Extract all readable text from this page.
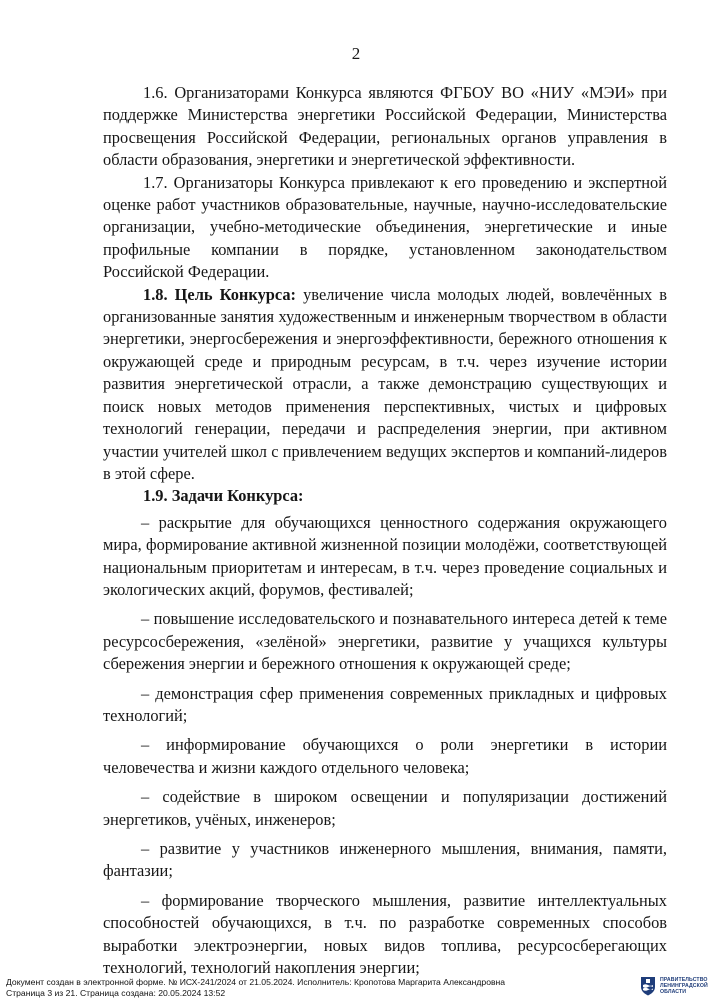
2

1.6. Организаторами Конкурса являются ФГБОУ ВО «НИУ «МЭИ» при поддержке Министерства энергетики Российской Федерации, Министерства просвещения Российской Федерации, региональных органов управления в области образования, энергетики и энергетической эффективности.

1.7. Организаторы Конкурса привлекают к его проведению и экспертной оценке работ участников образовательные, научные, научно-исследовательские организации, учебно-методические объединения, энергетические и иные профильные компании в порядке, установленном законодательством Российской Федерации.

1.8. Цель Конкурса: увеличение числа молодых людей, вовлечённых в организованные занятия художественным и инженерным творчеством в области энергетики, энергосбережения и энергоэффективности, бережного отношения к окружающей среде и природным ресурсам, в т.ч. через изучение истории развития энергетической отрасли, а также демонстрацию существующих и поиск новых методов применения перспективных, чистых и цифровых технологий генерации, передачи и распределения энергии, при активном участии учителей школ с привлечением ведущих экспертов и компаний-лидеров в этой сфере.

1.9. Задачи Конкурса:

– раскрытие для обучающихся ценностного содержания окружающего мира, формирование активной жизненной позиции молодёжи, соответствующей национальным приоритетам и интересам, в т.ч. через проведение социальных и экологических акций, форумов, фестивалей;

– повышение исследовательского и познавательного интереса детей к теме ресурсосбережения, «зелёной» энергетики, развитие у учащихся культуры сбережения энергии и бережного отношения к окружающей среде;

– демонстрация сфер применения современных прикладных и цифровых технологий;

– информирование обучающихся о роли энергетики в истории человечества и жизни каждого отдельного человека;

– содействие в широком освещении и популяризации достижений энергетиков, учёных, инженеров;

– развитие у участников инженерного мышления, внимания, памяти, фантазии;

– формирование творческого мышления, развитие интеллектуальных способностей обучающихся, в т.ч. по разработке современных способов выработки электроэнергии, новых видов топлива, ресурсосберегающих технологий, технологий накопления энергии;

Документ создан в электронной форме. № ИСХ-241/2024 от 21.05.2024. Исполнитель: Кропотова Маргарита Александровна
Страница 3 из 21. Страница создана: 20.05.2024 13:52
ПРАВИТЕЛЬСТВО
ЛЕНИНГРАДСКОЙ
ОБЛАСТИ
